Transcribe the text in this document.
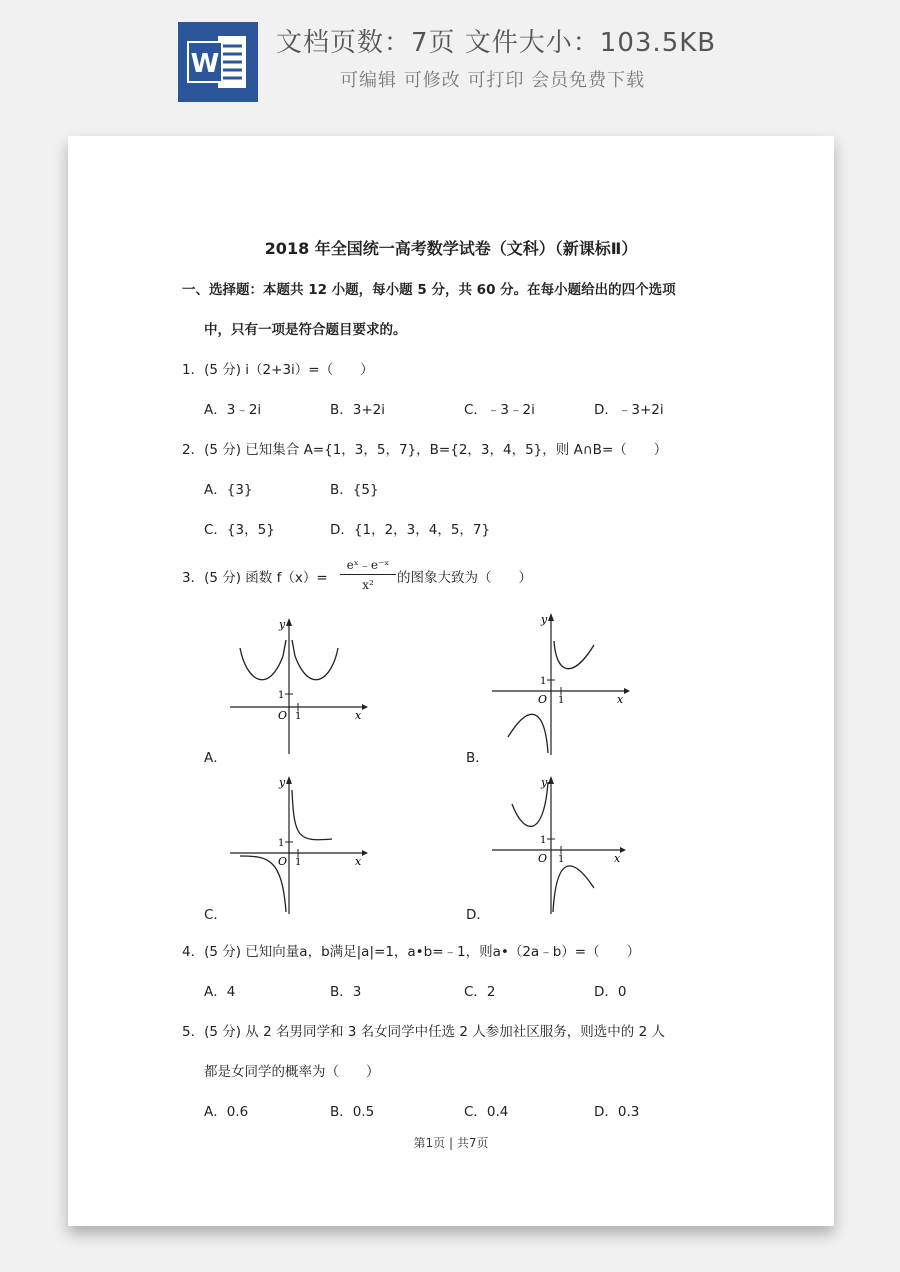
W
文档页数：7页 文件大小：103.5KB
可编辑 可修改 可打印 会员免费下载
2018 年全国统一高考数学试卷（文科）（新课标Ⅱ）
一、选择题：本题共 12 小题，每小题 5 分，共 60 分。在每小题给出的四个选项
中，只有一项是符合题目要求的。
1．(5 分) i（2+3i）=（　　）
A．3﹣2i	B．3+2i	C．﹣3﹣2i	D．﹣3+2i
2．(5 分) 已知集合 A={1，3，5，7}，B={2，3，4，5}，则 A∩B=（　　）
A．{3}	B．{5}
C．{3，5}	D．{1，2，3，4，5，7}
3．(5 分) 函数 f（x）=
eˣ﹣e⁻ˣ
x²	的图象大致为（　　）
y
x
O
1
1
A．
y
x
O
1
1
B．
y
x
O
1
1
C．
y
x
O
1
1
D．
4．(5 分) 已知向量a，b满足|a|=1，a•b=﹣1，则a•（2a﹣b）=（　　）
A．4	B．3	C．2	D．0
5．(5 分) 从 2 名男同学和 3 名女同学中任选 2 人参加社区服务，则选中的 2 人
都是女同学的概率为（　　）
A．0.6	B．0.5	C．0.4	D．0.3
第1页 | 共7页
